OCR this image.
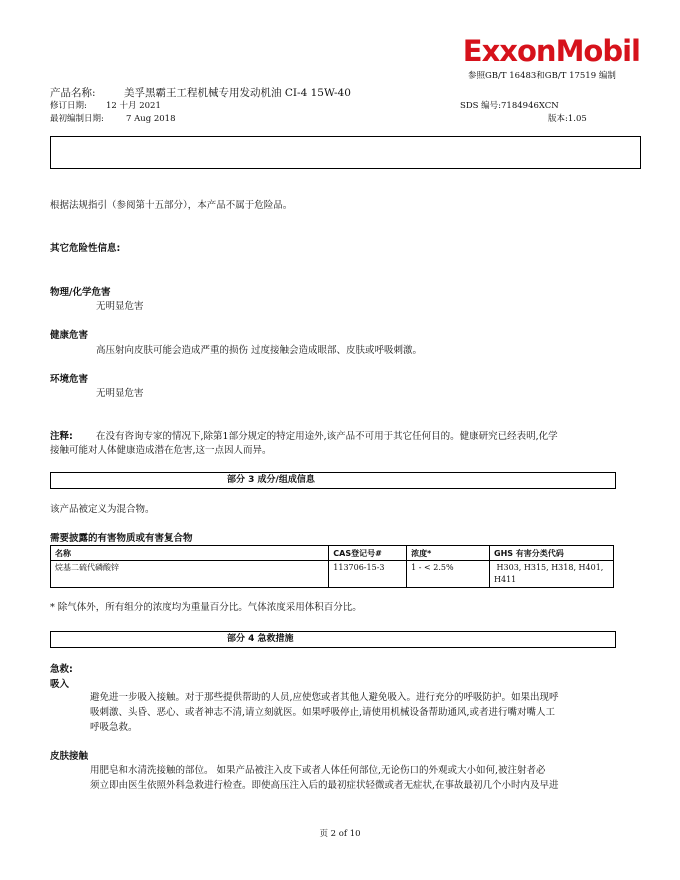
ExxonMobil
参照GB/T 16483和GB/T 17519 编制
产品名称:	美孚黑霸王工程机械专用发动机油 CI-4 15W-40
修订日期: 12 十月 2021	SDS 编号:7184946XCN
最初编制日期:	7 Aug 2018	版本:1.05
根据法规指引（参阅第十五部分），本产品不属于危险品。
其它危险性信息:
物理/化学危害
无明显危害
健康危害
高压射向皮肤可能会造成严重的损伤 过度接触会造成眼部、皮肤或呼吸刺激。
环境危害
无明显危害
注释: 在没有咨询专家的情况下,除第1部分规定的特定用途外,该产品不可用于其它任何目的。健康研究已经表明,化学
接触可能对人体健康造成潜在危害,这一点因人而异。
部分 3 成分/组成信息
该产品被定义为混合物。
需要披露的有害物质或有害复合物
名称	CAS登记号#	浓度*	GHS 有害分类代码
烷基二硫代磷酸锌	113706-15-3	1 - < 2.5%	H303, H315, H318, H401,
H411
* 除气体外，所有组分的浓度均为重量百分比。气体浓度采用体积百分比。
部分 4 急救措施
急救:
吸入
避免进一步吸入接触。对于那些提供帮助的人员,应使您或者其他人避免吸入。进行充分的呼吸防护。如果出现呼
吸刺激、头昏、恶心、或者神志不清,请立刻就医。如果呼吸停止,请使用机械设备帮助通风,或者进行嘴对嘴人工
呼吸急救。
皮肤接触
用肥皂和水清洗接触的部位。 如果产品被注入皮下或者人体任何部位,无论伤口的外观或大小如何,被注射者必
须立即由医生依照外科急救进行检查。即使高压注入后的最初症状轻微或者无症状,在事故最初几个小时内及早进
页 2 of 10
